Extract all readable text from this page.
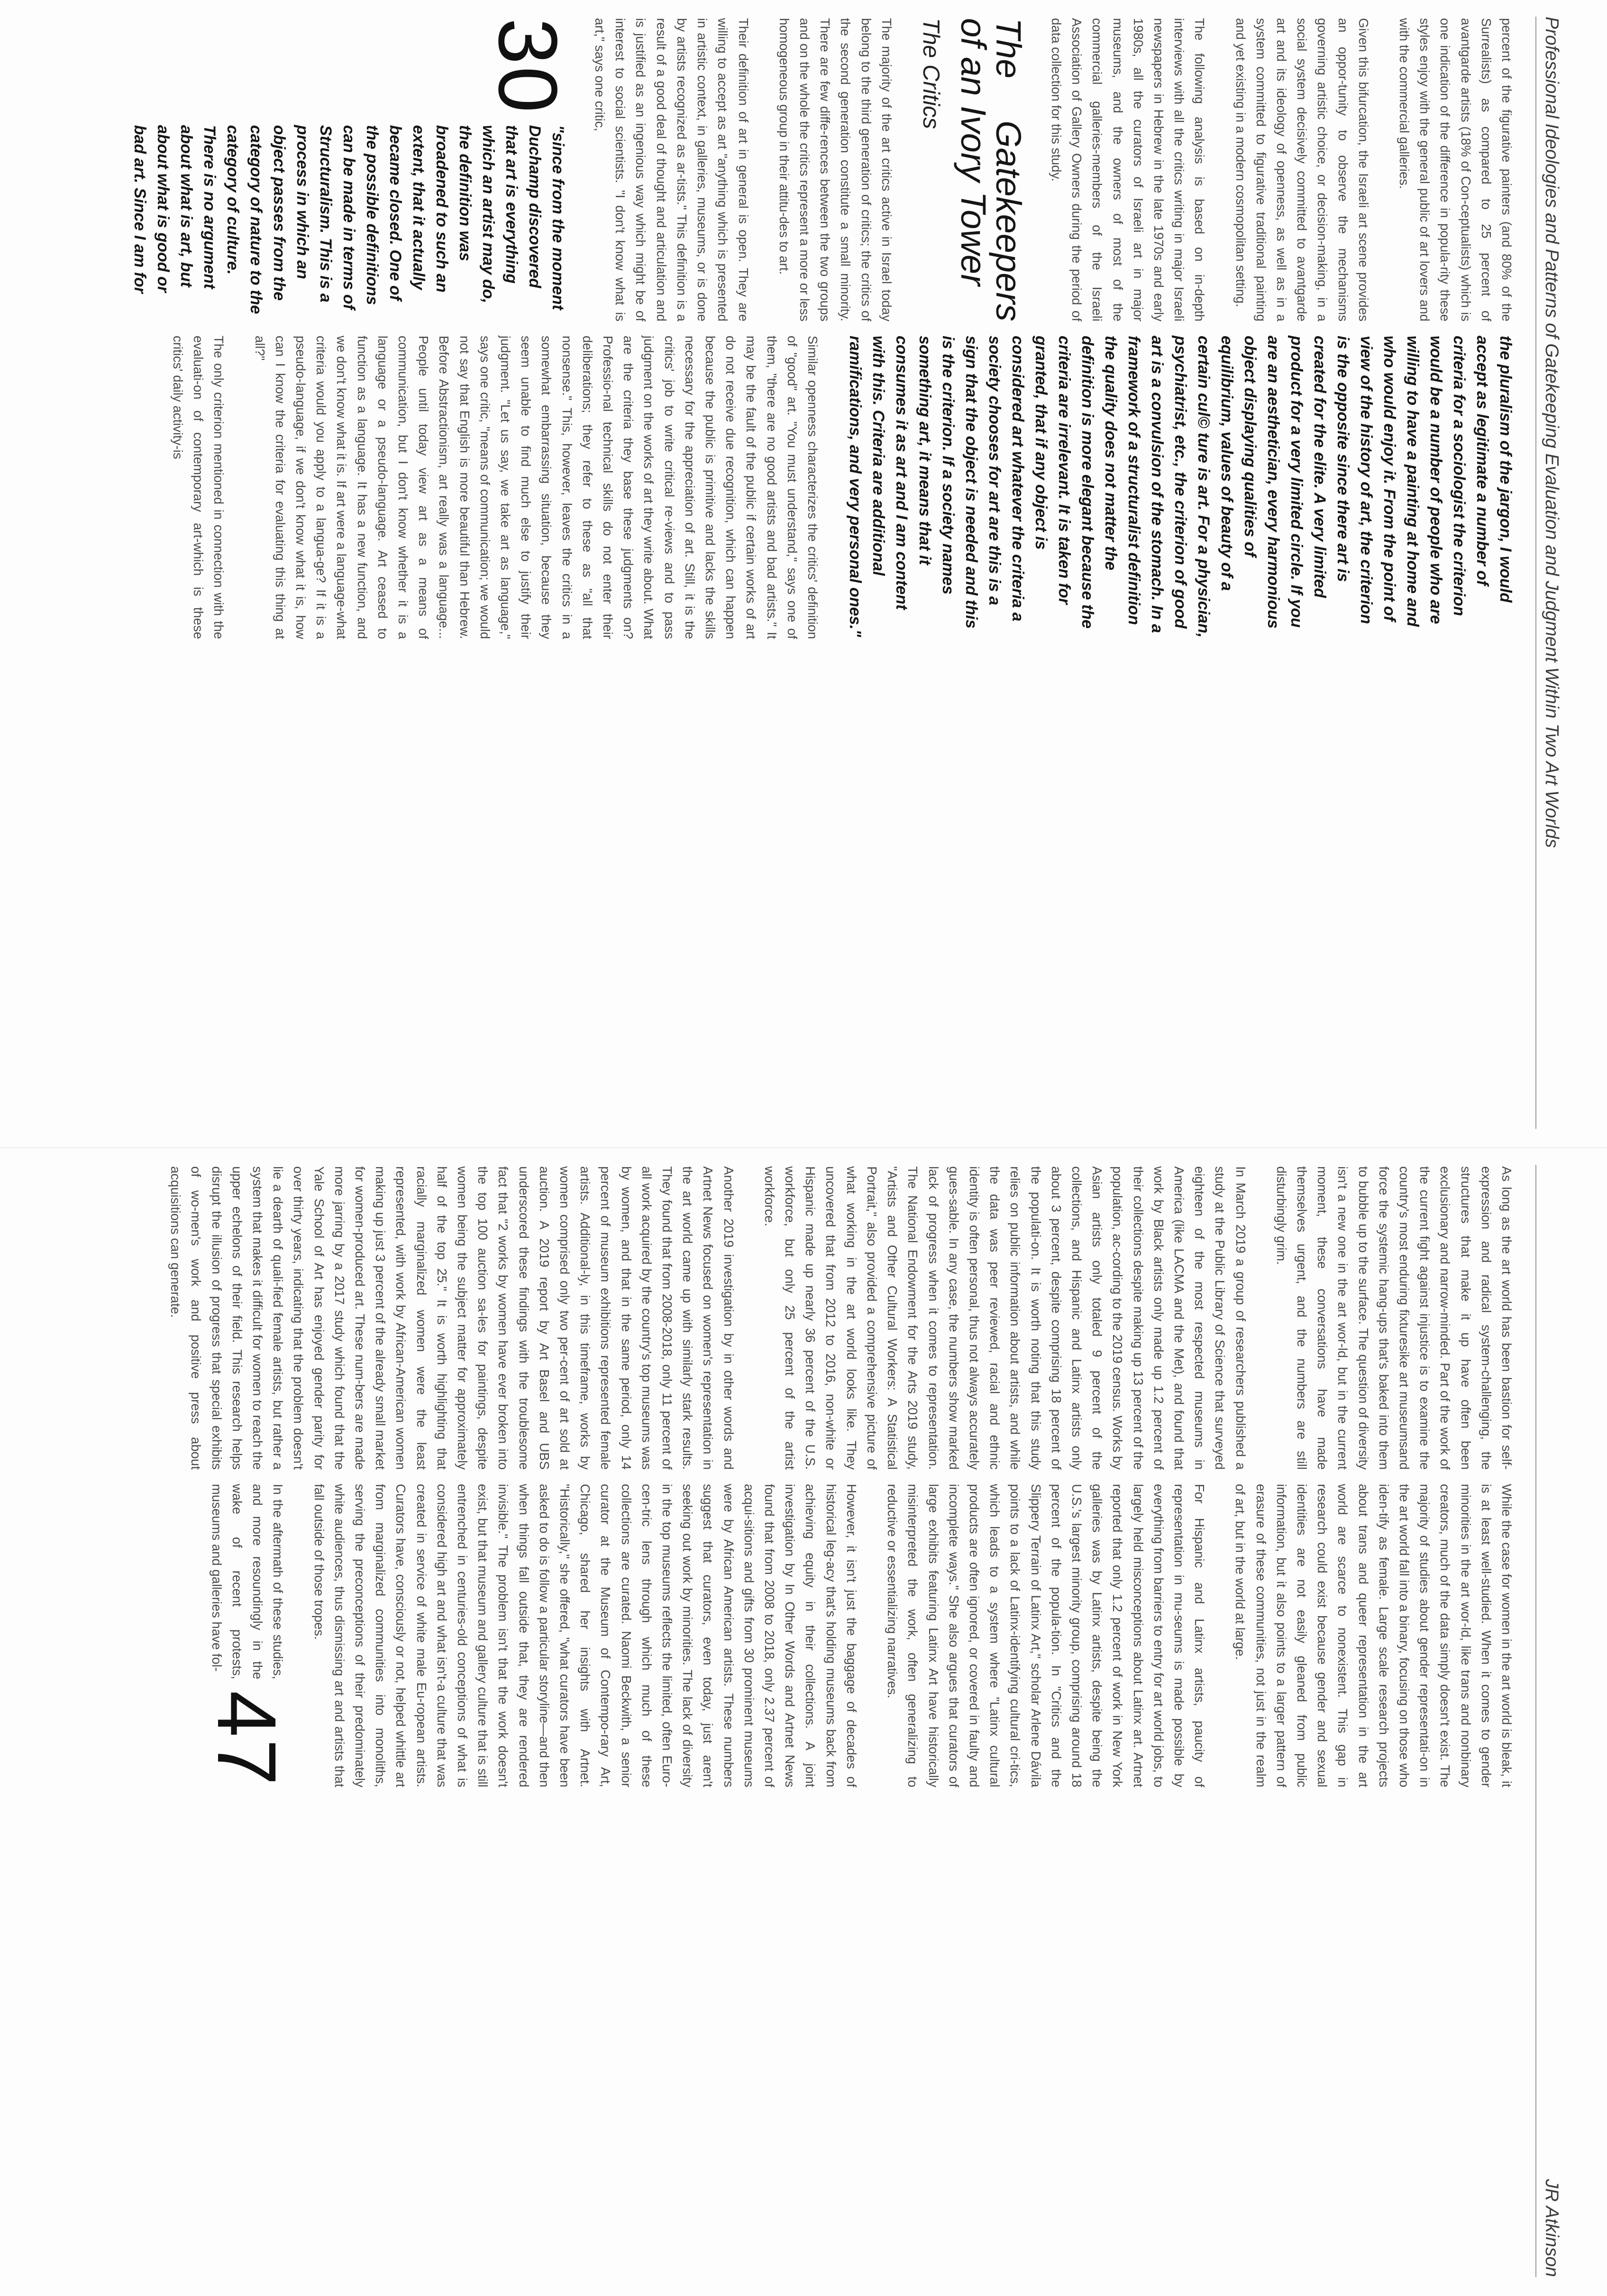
Professional Ideologies and Patterns of Gatekeeping Evaluation and Judgment Within Two Art Worlds

percent of the figurative painters (and 80% of the Surrealists) as compared to 25 percent of avantgarde artists (18% of Con-ceptualists) which is one indication of the difference in popula-rity these styles enjoy with the general public of art lovers and with the commercial galleries.

Given this bifurcation, the Israeli art scene provides an oppor-tunity to observe the mechanisms governing artistic choice, or decision-making, in a social system decisively committed to avantgarde art and its ideology of openness, as well as in a system committed to figurative traditional painting and yet existing in a modern cosmopolitan setting.

The following analysis is based on in-depth interviews with all the critics writing in major Israeli newspapers in Hebrew in the late 1970s and early 1980s, all the curators of Israeli art in major museums, and the owners of most of the commercial galleries-members of the Israeli Association of Gallery Owners during the period of data collection for this study.

The Gatekeepers of an Ivory Tower
The Critics

The majority of the art critics active in Israel today belong to the third generation of critics; the critics of the second generation constitute a small minority. There are few diffe-rences between the two groups and on the whole the critics represent a more or less homogeneous group in their attitu-des to art.

Their definition of art in general is open. They are willing to accept as art "anything which is presented in artistic context, in galleries, museums, or is done by artists recognized as ar-tists." This definition is a result of a good deal of thought and articulation and is justified as an ingenious way which might be of interest to social scientists. "I don't know what is art," says one critic,

30
"since from the moment Duchamp discovered that art is everything which an artist may do, the definition was broadened to such an extent, that it actually became closed. One of the possible definitions can be made in terms of Structuralism. This is a process in which an object passes from the category of nature to the category of culture. There is no argument about what is art, but about what is good or bad art. Since I am for

the pluralism of the jargon, I would accept as legitimate a number of criteria for a sociologist the criterion would be a number of people who are willing to have a painting at home and who would enjoy it. From the point of view of the history of art, the criterion is the opposite since there art is created for the elite. A very limited product for a very limited circle. If you are an aesthetician, every harmonious object displaying qualities of equilibrium, values of beauty of a certain cul© ture is art. For a physician, psychiatrist, etc., the criterion of good art is a convulsion of the stomach. In a framework of a structuralist definition the quality does not matter the definition is more elegant because the criteria are irrelevant. It is taken for granted, that if any object is considered art whatever the criteria a society chooses for art are this is a sign that the object is needed and this is the criterion. If a society names something art, it means that it consumes it as art and I am content with this. Criteria are additional ramifications, and very personal ones."

Similar openness characterizes the critics' definition of "good" art. "You must understand," says one of them, "there are no good artists and bad artists." It may be the fault of the public if certain works of art do not receive due recognition, which can happen because the public is primitive and lacks the skills necessary for the appreciation of art. Still, it is the critics' job to write critical re-views and to pass judgment on the works of art they write about. What are the criteria they base these judgments on? Professio-nal technical skills do not enter their deliberations; they refer to these as "all that nonsense." This, however, leaves the critics in a somewhat embarrassing situation, because they seem unable to find much else to justify their judgment. "Let us say, we take art as language," says one critic, "means of communication; we would not say that English is more beautiful than Hebrew. Before Abstractionism, art really was a language... People until today view art as a means of communication, but I don't know whether it is a language or a pseudo-language. Art ceased to function as a language. It has a new function, and we don't know what it is. If art were a language-what criteria would you apply to a langua-ge? If it is a pseudo-language, if we don't know what it is, how can I know the criteria for evaluating this thing at all?"

The only criterion mentioned in connection with the evaluati-on of contemporary art-which is these critics' daily activity-is

JR Atkinson

As long as the art world has been bastion for self-expression and radical system-challenging, the structures that make it up have often been exclusionary and narrow-minded. Part of the work of the current fight against injustice is to examine the country's most enduring fixturesike art museumsand force the systemic hang-ups that's baked into them to bubble up to the surface. The question of diversity isn't a new one in the art wor-ld, but in the current moment, these conversations have made themselves urgent, and the numbers are still disturbingly grim.

In March 2019 a group of researchers published a study at the Public Library of Science that surveyed eighteen of the most respected museums in America (like LACMA and the Met), and found that work by Black artists only made up 1.2 percent of their collections despite making up 13 percent of the population, ac-cording to the 2019 census. Works by Asian artists only totaled 9 percent of the collections, and Hispanic and Latinx artists only about 3 percent, despite comprising 18 percent of the populati-on. It is worth noting that this study relies on public information about artists, and while the data was peer reviewed, racial and ethnic identity is often personal, thus not always accurately gues-sable. In any case, the numbers show marked lack of progress when it comes to representation. The National Endowment for the Arts 2019 study, "Artists and Other Cultural Workers: A Statistical Portrait," also provided a comprehensive picture of what working in the art world looks like. They uncovered that from 2012 to 2016, non-white or Hispanic made up nearly 36 percent of the U.S. workforce, but only 25 percent of the artist workforce.

Another 2019 investigation by in other words and Artnet News focused on women's representation in the art world came up with similarly stark results. They found that from 2008-2018, only 11 percent of all work acquired by the country's top museums was by women, and that in the same period, only 14 percent of museum exhibitions represented female artists. Additional-ly, in this timeframe, works by women comprised only two per-cent of art sold at auction. A 2019 report by Art Basel and UBS underscored these findings with the troublesome fact that "2 works by women have ever broken into the top 100 auction sa-les for paintings, despite women being the subject matter for approximately half of the top 25." It is worth highlighting that racially marginalized women were the least represented, with work by African-American women making up just 3 percent of the already small market for women-produced art. These num-bers are made more jarring by a 2017 study which found that the Yale School of Art has enjoyed gender parity for over thirty years, indicating that the problem doesn't lie a dearth of quali-fied female artists, but rather a system that makes it difficult for women to reach the upper echelons of their field. This research helps disrupt the illusion of progress that special exhibits of wo-men's work and positive press about acquisitions can generate.

While the case for women in the art world is bleak, it is at least well-studied. When it comes to gender minorities in the art wor-ld, like trans and nonbinary creators, much of the data simply doesn't exist. The majority of studies about gender representati-on in the art world fall into a binary, focusing on those who iden-tify as female. Large scale research projects about trans and queer representation in the art world are scarce to nonexistent. This gap in research could exist because gender and sexual identities are not easily gleaned from public information, but it also points to a larger pattern of erasure of these communities, not just in the realm of art, but in the world at large.

For Hispanic and Latinx artists, paucity of representation in mu-seums is made possible by everything from barriers to entry for art world jobs, to largely held misconceptions about Latinx art. Artnet reported that only 1.2 percent of work in New York galleries was by Latinx artists, despite being the U.S.'s largest minority group, comprising around 18 percent of the popula-tion. In "Critics and the Slippery Terrain of Latinx Art," scholar Arlene Dávila points to a lack of Latinx-identifying cultural cri-tics, which leads to a system where "Latinx cultural products are often ignored, or covered in faulty and incomplete ways." She also argues that curators of large exhibits featuring Latinx Art have historically misinterpreted the work, often generalizing to reductive or essentializing narratives.

However, it isn't just the baggage of decades of historical leg-acy that's holding museums back from achieving equity in their collections. A joint investigation by In Other Words and Artnet News found that from 2008 to 2018, only 2.37 percent of acqui-sitions and gifts from 30 prominent museums were by African American artists. These numbers suggest that curators, even today, just aren't seeking out work by minorities. The lack of diversity in the top museums reflects the limited, often Euro-cen-tric lens through which much of these collections are curated. Naomi Beckwith, a senior curator at the Museum of Contempo-rary Art, Chicago, shared her insights with Artnet. "Historically," she offered, "what curators have been asked to do is follow a particular storyline—and then when things fall outside that, they are rendered invisible." The problem isn't that the work doesn't exist, but that museum and gallery culture that is still entrenched in centuries-old conceptions of what is considered high art and what isn't-a culture that was created in service of white male Eu-ropean artists. Curators have, consciously or not, helped whittle art from marginalized communities into monoliths, serving the preconceptions of their predominately white audiences, thus dismissing art and artists that fall outside of those tropes.

In the aftermath of these studies, and more resoundingly in the wake of recent protests, museums and galleries have fol-

47
